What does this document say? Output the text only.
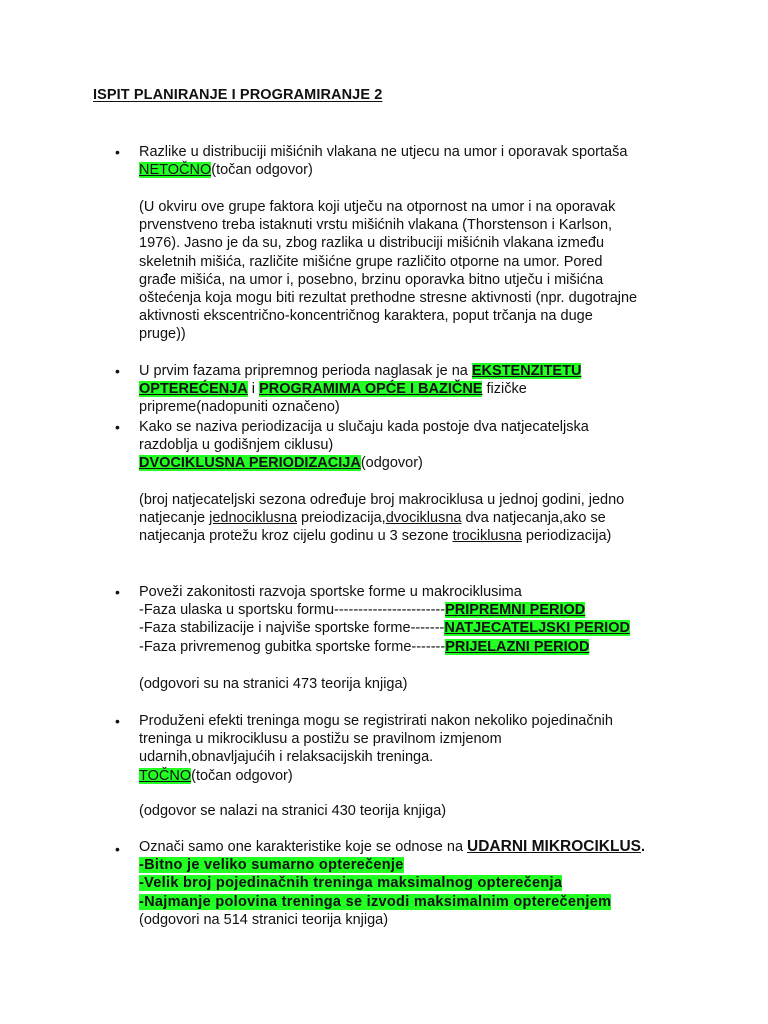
ISPIT PLANIRANJE I PROGRAMIRANJE 2
• Razlike u distribuciji mišićnih vlakana ne utjecu na umor i oporavak sportaša
NETOČNO(točan odgovor)
(U okviru ove grupe faktora koji utječu na otpornost na umor i na oporavak
prvenstveno treba istaknuti vrstu mišićnih vlakana (Thorstenson i Karlson,
1976). Jasno je da su, zbog razlika u distribuciji mišićnih vlakana između
skeletnih mišića, različite mišićne grupe različito otporne na umor. Pored
građe mišića, na umor i, posebno, brzinu oporavka bitno utječu i mišićna
oštećenja koja mogu biti rezultat prethodne stresne aktivnosti (npr. dugotrajne
aktivnosti ekscentrično-koncentričnog karaktera, poput trčanja na duge
pruge))
• U prvim fazama pripremnog perioda naglasak je na EKSTENZITETU
OPTEREĆENJA i PROGRAMIMA OPĆE I BAZIČNE fizičke
pripreme(nadopuniti označeno)
• Kako se naziva periodizacija u slučaju kada postoje dva natjecateljska
razdoblja u godišnjem ciklusu)
DVOCIKLUSNA PERIODIZACIJA(odgovor)
(broj natjecateljski sezona određuje broj makrociklusa u jednoj godini, jedno
natjecanje jednociklusna preiodizacija,dvociklusna dva natjecanja,ako se
natjecanja protežu kroz cijelu godinu u 3 sezone trociklusna periodizacija)
• Poveži zakonitosti razvoja sportske forme u makrociklusima
-Faza ulaska u sportsku formu-----------------------PRIPREMNI PERIOD
-Faza stabilizacije i najviše sportske forme-------NATJECATELJSKI PERIOD
-Faza privremenog gubitka sportske forme-------PRIJELAZNI PERIOD
(odgovori su na stranici 473 teorija knjiga)
• Produženi efekti treninga mogu se registrirati nakon nekoliko pojedinačnih
treninga u mikrociklusu a postižu se pravilnom izmjenom
udarnih,obnavljajućih i relaksacijskih treninga.
TOČNO(točan odgovor)
(odgovor se nalazi na stranici 430 teorija knjiga)
• Označi samo one karakteristike koje se odnose na UDARNI MIKROCIKLUS.
-Bitno je veliko sumarno opterečenje
-Velik broj pojedinačnih treninga maksimalnog opterečenja
-Najmanje polovina treninga se izvodi maksimalnim opterečenjem
(odgovori na 514 stranici teorija knjiga)
